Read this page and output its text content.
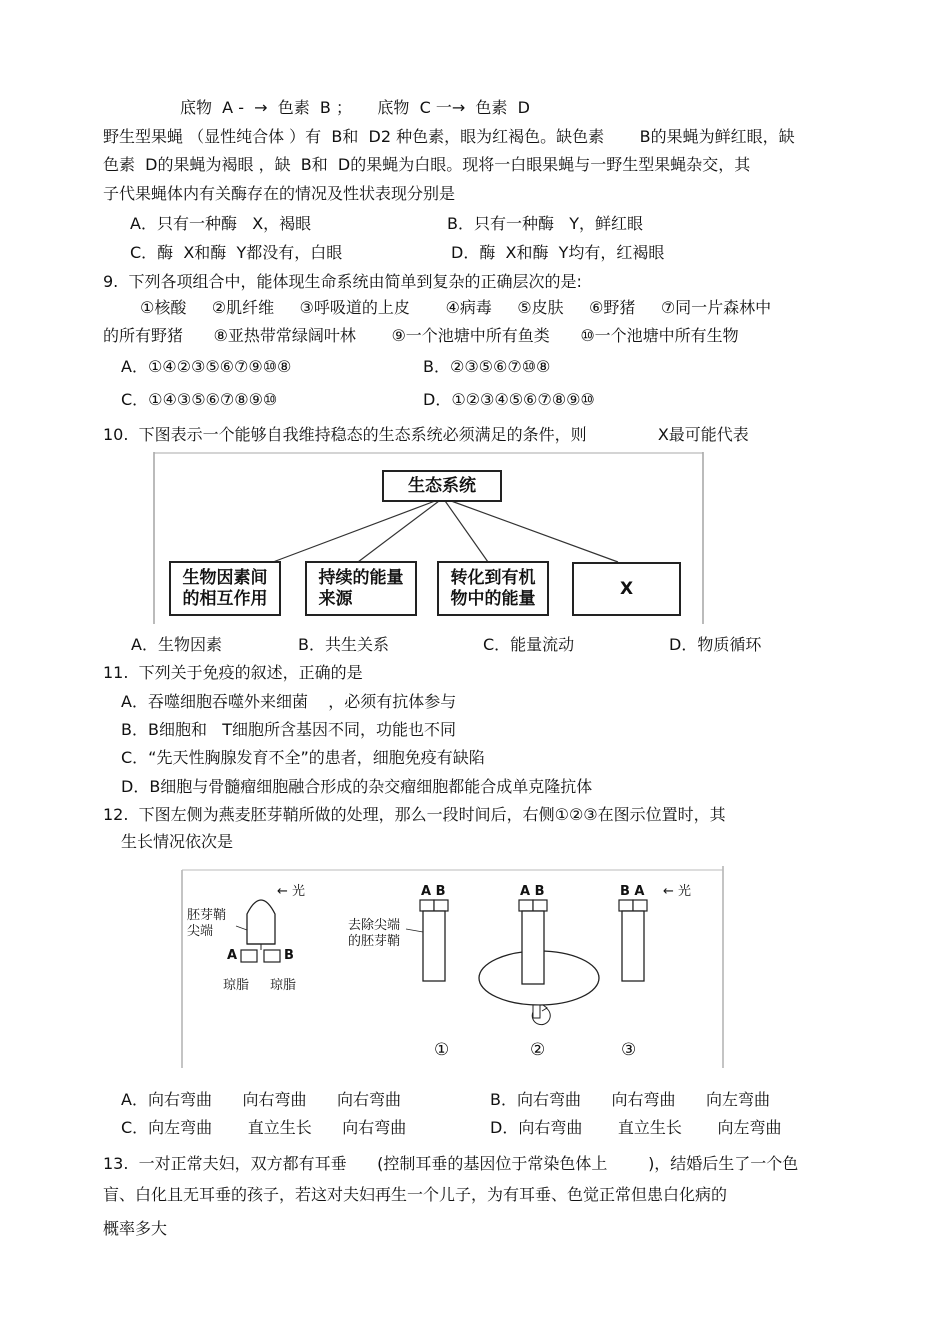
底物  A -  →  色素  B ；     底物  C 一→  色素  D
野生型果蝇 （显性纯合体 ）有  B和  D2 种色素，眼为红褐色。缺色素       B的果蝇为鲜红眼，缺
色素  D的果蝇为褐眼 ，缺  B和  D的果蝇为白眼。现将一白眼果蝇与一野生型果蝇杂交，其
子代果蝇体内有关酶存在的情况及性状表现分别是
A．只有一种酶   X，褐眼	B．只有一种酶   Y，鲜红眼
C．酶  X和酶  Y都没有，白眼	D．酶  X和酶  Y均有，红褐眼
9.  下列各项组合中，能体现生命系统由简单到复杂的正确层次的是:
①核酸     ②肌纤维     ③呼吸道的上皮       ④病毒     ⑤皮肤     ⑥野猪     ⑦同一片森林中
的所有野猪      ⑧亚热带常绿阔叶林       ⑨一个池塘中所有鱼类      ⑩一个池塘中所有生物
A．①④②③⑤⑥⑦⑨⑩⑧	B．②③⑤⑥⑦⑩⑧
C．①④③⑤⑥⑦⑧⑨⑩	D．①②③④⑤⑥⑦⑧⑨⑩
10.  下图表示一个能够自我维持稳态的生态系统必须满足的条件，则              X最可能代表
生态系统
生物因素间
的相互作用
持续的能量
来源
转化到有机
物中的能量	X
A．生物因素	B．共生关系	C．能量流动	D．物质循环
11.  下列关于免疫的叙述，正确的是
A．吞噬细胞吞噬外来细菌    ，必须有抗体参与
B．B细胞和   T细胞所含基因不同，功能也不同
C．“先天性胸腺发育不全”的患者，细胞免疫有缺陷
D．B细胞与骨髓瘤细胞融合形成的杂交瘤细胞都能合成单克隆抗体
12.  下图左侧为燕麦胚芽鞘所做的处理，那么一段时间后，右侧①②③在图示位置时，其
生长情况依次是
← 光
胚芽鞘
尖端
A	B
琼脂 琼脂
去除尖端
的胚芽鞘
A B	A B	B A ← 光
①	②	③
A．向右弯曲      向右弯曲      向右弯曲	B．向右弯曲      向右弯曲      向左弯曲
C．向左弯曲       直立生长      向右弯曲	D．向右弯曲       直立生长       向左弯曲
13.  一对正常夫妇，双方都有耳垂      (控制耳垂的基因位于常染色体上        )，结婚后生了一个色
盲、白化且无耳垂的孩子，若这对夫妇再生一个儿子，为有耳垂、色觉正常但患白化病的
概率多大
